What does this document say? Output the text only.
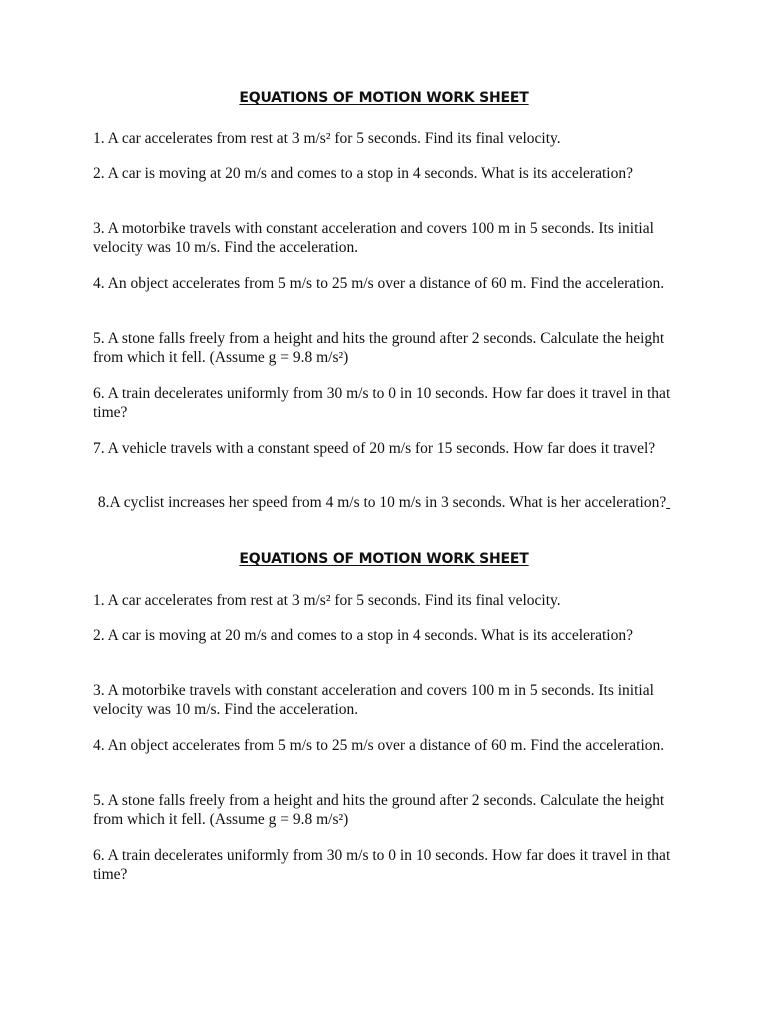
EQUATIONS OF MOTION WORK SHEET
1. A car accelerates from rest at 3 m/s² for 5 seconds. Find its final velocity.
2. A car is moving at 20 m/s and comes to a stop in 4 seconds. What is its acceleration?
3. A motorbike travels with constant acceleration and covers 100 m in 5 seconds. Its initial velocity was 10 m/s. Find the acceleration.
4. An object accelerates from 5 m/s to 25 m/s over a distance of 60 m. Find the acceleration.
5. A stone falls freely from a height and hits the ground after 2 seconds. Calculate the height from which it fell. (Assume g = 9.8 m/s²)
6. A train decelerates uniformly from 30 m/s to 0 in 10 seconds. How far does it travel in that time?
7. A vehicle travels with a constant speed of 20 m/s for 15 seconds. How far does it travel?
8.A cyclist increases her speed from 4 m/s to 10 m/s in 3 seconds. What is her acceleration?
EQUATIONS OF MOTION WORK SHEET
1. A car accelerates from rest at 3 m/s² for 5 seconds. Find its final velocity.
2. A car is moving at 20 m/s and comes to a stop in 4 seconds. What is its acceleration?
3. A motorbike travels with constant acceleration and covers 100 m in 5 seconds. Its initial velocity was 10 m/s. Find the acceleration.
4. An object accelerates from 5 m/s to 25 m/s over a distance of 60 m. Find the acceleration.
5. A stone falls freely from a height and hits the ground after 2 seconds. Calculate the height from which it fell. (Assume g = 9.8 m/s²)
6. A train decelerates uniformly from 30 m/s to 0 in 10 seconds. How far does it travel in that time?
